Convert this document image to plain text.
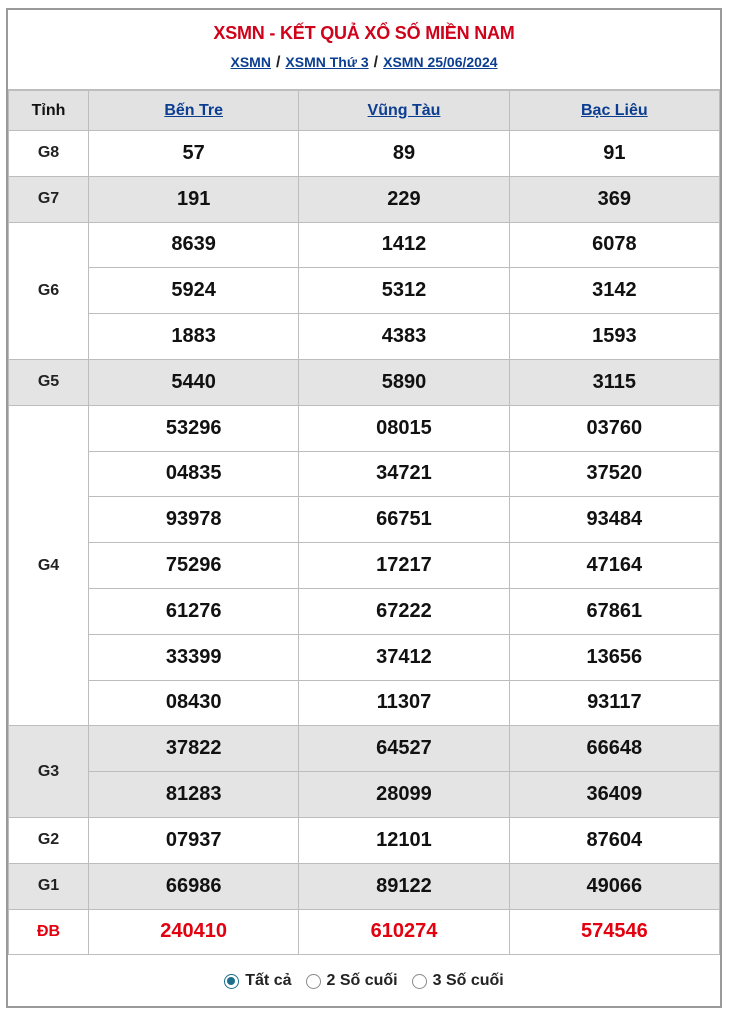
XSMN - KẾT QUẢ XỔ SỐ MIỀN NAM
XSMN / XSMN Thứ 3 / XSMN 25/06/2024
Tỉnh	Bến Tre	Vũng Tàu	Bạc Liêu
G8	57	89	91
G7	191	229	369
G6	8639	1412	6078
	5924	5312	3142
	1883	4383	1593
G5	5440	5890	3115
G4	53296	08015	03760
	04835	34721	37520
	93978	66751	93484
	75296	17217	47164
	61276	67222	67861
	33399	37412	13656
	08430	11307	93117
G3	37822	64527	66648
	81283	28099	36409
G2	07937	12101	87604
G1	66986	89122	49066
ĐB	240410	610274	574546
Tất cả 2 Số cuối 3 Số cuối
